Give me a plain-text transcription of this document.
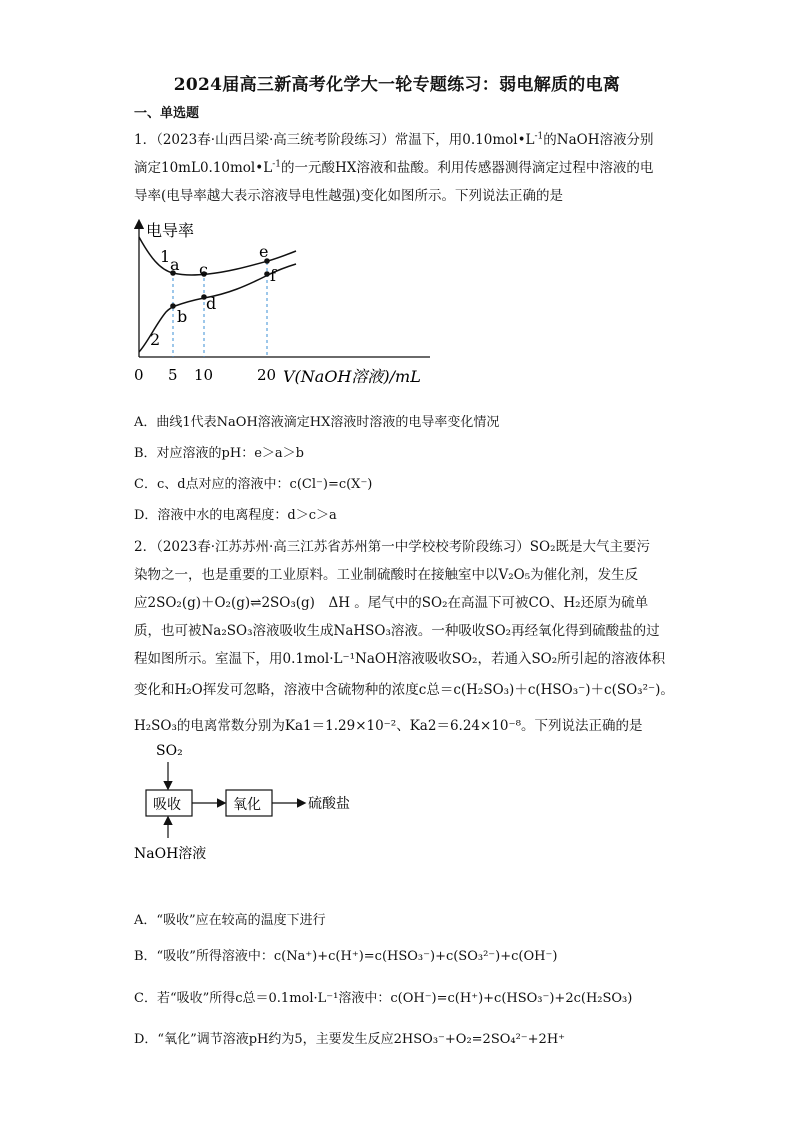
2024届高三新高考化学大一轮专题练习：弱电解质的电离
一、单选题
1．（2023春·山西吕梁·高三统考阶段练习）常温下，用$0.10mol•L^{-1}$的NaOH溶液分别
滴定$10mL0.10mol•L^{-1}$的一元酸HX溶液和盐酸。利用传感器测得滴定过程中溶液的电
导率(电导率越大表示溶液导电性越强)变化如图所示。下列说法正确的是
电导率
1
2
a
b
c
d
e
f
0 5 10	20 V(NaOH溶液)/mL
A．曲线1代表NaOH溶液滴定HX溶液时溶液的电导率变化情况
B．对应溶液的pH：e＞a＞b
C．c、d点对应的溶液中：c(Cl⁻)=c(X⁻)
D．溶液中水的电离程度：d＞c＞a
2．（2023春·江苏苏州·高三江苏省苏州第一中学校校考阶段练习）SO₂既是大气主要污
染物之一，也是重要的工业原料。工业制硫酸时在接触室中以V₂O₅为催化剂，发生反
应2SO₂(g)＋O₂(g)⇌2SO₃(g)　ΔH 。尾气中的SO₂在高温下可被CO、H₂还原为硫单
质，也可被Na₂SO₃溶液吸收生成NaHSO₃溶液。一种吸收SO₂再经氧化得到硫酸盐的过
程如图所示。室温下，用0.1mol·L⁻¹NaOH溶液吸收SO₂，若通入SO₂所引起的溶液体积
变化和H₂O挥发可忽略，溶液中含硫物种的浓度c总＝c(H₂SO₃)＋c(HSO₃⁻)＋c(SO₃²⁻)。
H₂SO₃的电离常数分别为Ka1＝1.29×10⁻²、Ka2＝6.24×10⁻⁸。下列说法正确的是
SO₂
吸收	氧化	硫酸盐
NaOH溶液
A．“吸收”应在较高的温度下进行
B．“吸收”所得溶液中：c(Na⁺)+c(H⁺)=c(HSO₃⁻)+c(SO₃²⁻)+c(OH⁻)
C．若“吸收”所得c总＝0.1mol·L⁻¹溶液中：c(OH⁻)=c(H⁺)+c(HSO₃⁻)+2c(H₂SO₃)
D．“氧化”调节溶液pH约为5，主要发生反应2HSO₃⁻+O₂=2SO₄²⁻+2H⁺
